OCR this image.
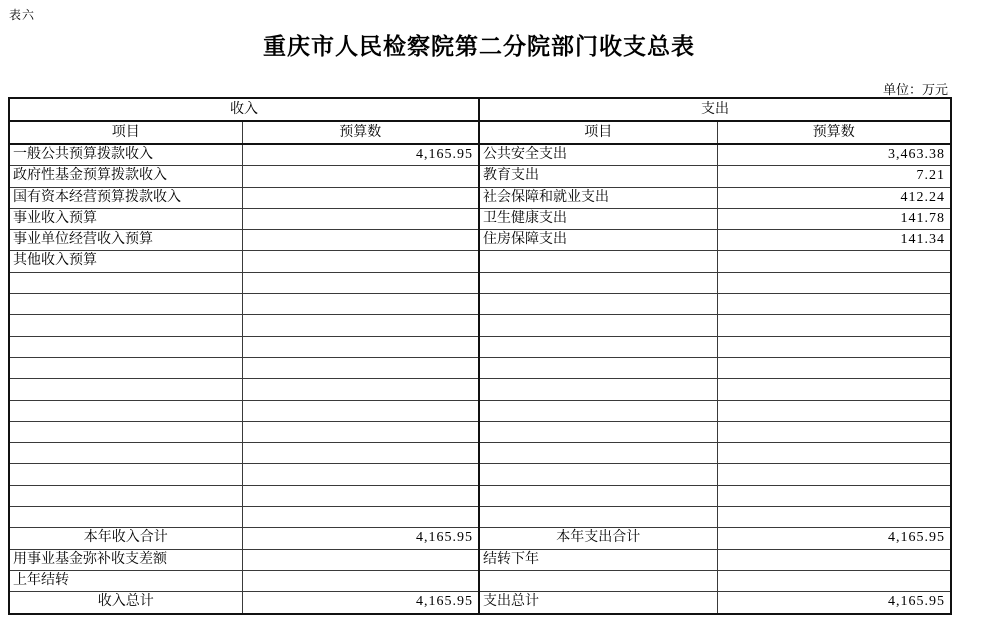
表六
重庆市人民检察院第二分院部门收支总表
单位：万元
收入		支出	
项目	预算数	项目	预算数
一般公共预算拨款收入	4,165.95	公共安全支出	3,463.38
政府性基金预算拨款收入		教育支出	7.21
国有资本经营预算拨款收入		社会保障和就业支出	412.24
事业收入预算		卫生健康支出	141.78
事业单位经营收入预算		住房保障支出	141.34
其他收入预算			

本年收入合计	4,165.95	本年支出合计	4,165.95
用事业基金弥补收支差额		结转下年	
上年结转			
收入总计	4,165.95	支出总计	4,165.95
